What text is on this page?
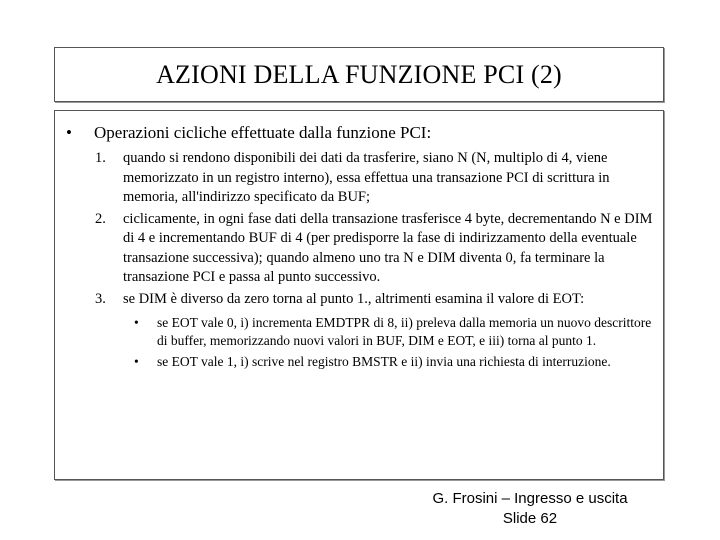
AZIONI DELLA FUNZIONE PCI (2)
•	Operazioni cicliche effettuate dalla funzione PCI:
1. quando si rendono disponibili dei dati da trasferire, siano N (N, multiplo di 4, viene memorizzato in un registro interno), essa effettua una transazione PCI di scrittura in memoria, all'indirizzo specificato da BUF;
2. ciclicamente, in ogni fase dati della transazione trasferisce 4 byte, decrementando N e DIM di 4 e incrementando BUF di 4 (per predisporre la fase di indirizzamento della eventuale transazione successiva); quando almeno uno tra N e DIM diventa 0, fa terminare la transazione PCI e passa al punto successivo.
3. se DIM è diverso da zero torna al punto 1., altrimenti esamina il valore di EOT:
• se EOT vale 0, i) incrementa EMDTPR di 8, ii) preleva dalla memoria un nuovo descrittore di buffer, memorizzando nuovi valori in BUF, DIM e EOT, e iii) torna al punto 1.
• se EOT vale 1, i) scrive nel registro BMSTR e ii) invia una richiesta di interruzione.
G. Frosini – Ingresso e uscita
Slide 62
